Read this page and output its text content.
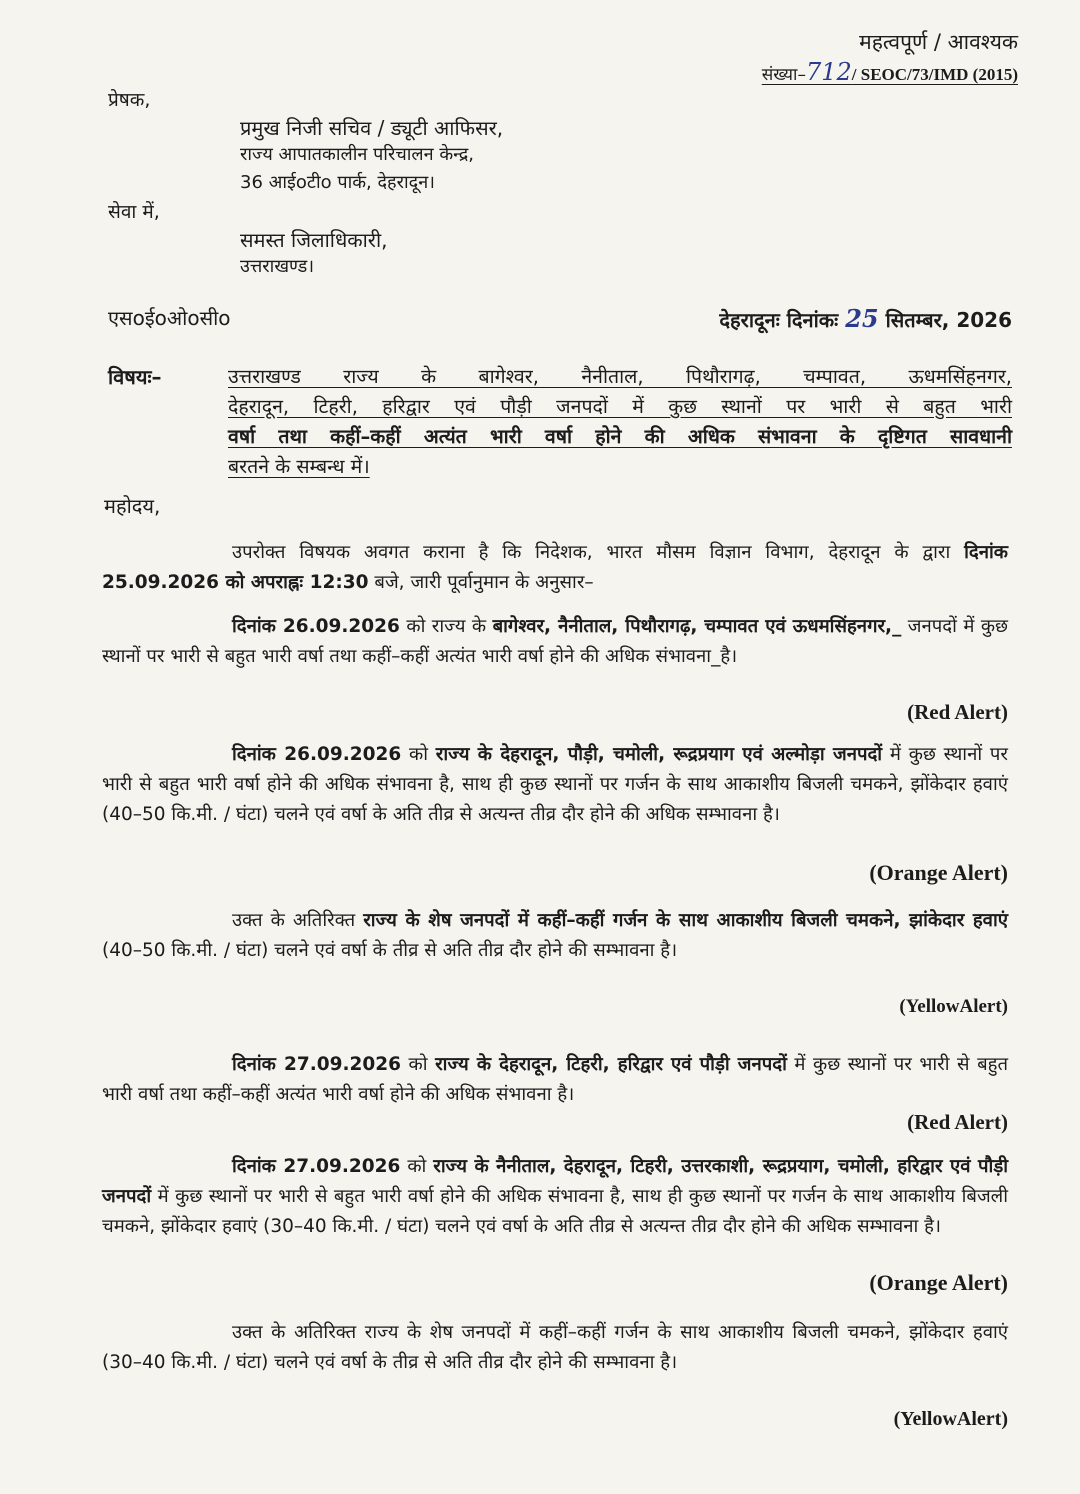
महत्वपूर्ण / आवश्यक
संख्या–712/ SEOC/73/IMD (2015)
प्रेषक,
प्रमुख निजी सचिव / ड्यूटी आफिसर,
राज्य आपातकालीन परिचालन केन्द्र,
36 आईoटीo पार्क, देहरादून।
सेवा में,
समस्त जिलाधिकारी,
उत्तराखण्ड।
एसoईoओoसीo	देहरादूनः दिनांकः 25 सितम्बर, 2026
विषयः–	उत्तराखण्ड राज्य के बागेश्वर, नैनीताल, पिथौरागढ़, चम्पावत, ऊधमसिंहनगर,
देहरादून, टिहरी, हरिद्वार एवं पौड़ी जनपदों में कुछ स्थानों पर भारी से बहुत भारी
वर्षा तथा कहीं–कहीं अत्यंत भारी वर्षा होने की अधिक संभावना के दृष्टिगत सावधानी
बरतने के सम्बन्ध में।
महोदय,
उपरोक्त विषयक अवगत कराना है कि निदेशक, भारत मौसम विज्ञान विभाग, देहरादून के द्वारा दिनांक 25.09.2026 को अपराह्नः 12:30 बजे, जारी पूर्वानुमान के अनुसार–
दिनांक 26.09.2026 को राज्य के बागेश्वर, नैनीताल, पिथौरागढ़, चम्पावत एवं ऊधमसिंहनगर,_ जनपदों में कुछ स्थानों पर भारी से बहुत भारी वर्षा तथा कहीं–कहीं अत्यंत भारी वर्षा होने की अधिक संभावना_है।
(Red Alert)
दिनांक 26.09.2026 को राज्य के देहरादून, पौड़ी, चमोली, रूद्रप्रयाग एवं अल्मोड़ा जनपदों में कुछ स्थानों पर भारी से बहुत भारी वर्षा होने की अधिक संभावना है, साथ ही कुछ स्थानों पर गर्जन के साथ आकाशीय बिजली चमकने, झोंकेदार हवाएं (40–50 कि.मी. / घंटा) चलने एवं वर्षा के अति तीव्र से अत्यन्त तीव्र दौर होने की अधिक सम्भावना है।
(Orange Alert)
उक्त के अतिरिक्त राज्य के शेष जनपदों में कहीं–कहीं गर्जन के साथ आकाशीय बिजली चमकने, झांकेदार हवाएं (40–50 कि.मी. / घंटा) चलने एवं वर्षा के तीव्र से अति तीव्र दौर होने की सम्भावना है।
(YellowAlert)
दिनांक 27.09.2026 को राज्य के देहरादून, टिहरी, हरिद्वार एवं पौड़ी जनपदों में कुछ स्थानों पर भारी से बहुत भारी वर्षा तथा कहीं–कहीं अत्यंत भारी वर्षा होने की अधिक संभावना है।
(Red Alert)
दिनांक 27.09.2026 को राज्य के नैनीताल, देहरादून, टिहरी, उत्तरकाशी, रूद्रप्रयाग, चमोली, हरिद्वार एवं पौड़ी जनपदों में कुछ स्थानों पर भारी से बहुत भारी वर्षा होने की अधिक संभावना है, साथ ही कुछ स्थानों पर गर्जन के साथ आकाशीय बिजली चमकने, झोंकेदार हवाएं (30–40 कि.मी. / घंटा) चलने एवं वर्षा के अति तीव्र से अत्यन्त तीव्र दौर होने की अधिक सम्भावना है।
(Orange Alert)
उक्त के अतिरिक्त राज्य के शेष जनपदों में कहीं–कहीं गर्जन के साथ आकाशीय बिजली चमकने, झोंकेदार हवाएं (30–40 कि.मी. / घंटा) चलने एवं वर्षा के तीव्र से अति तीव्र दौर होने की सम्भावना है।
(YellowAlert)
